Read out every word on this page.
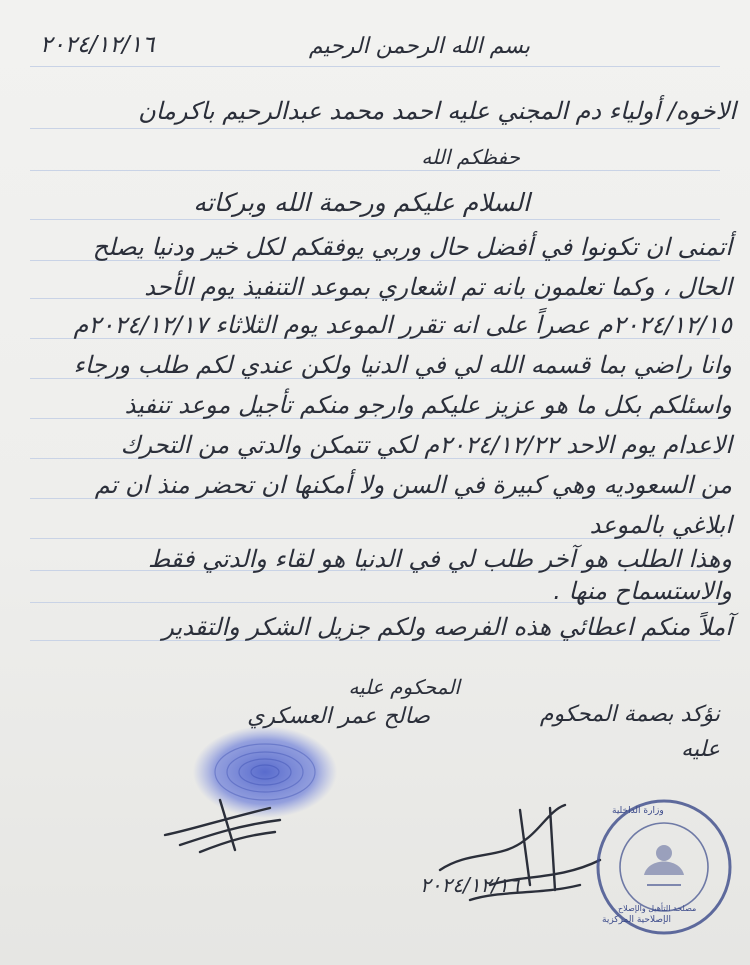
٢٠٢٤/١٢/١٦	بسم الله الرحمن الرحيم
الاخوه/ أولياء دم المجني عليه احمد محمد عبدالرحيم باكرمان
حفظكم الله
السلام عليكم ورحمة الله وبركاته
أتمنى ان تكونوا في أفضل حال وربي يوفقكم لكل خير ودنيا يصلح
الحال ، وكما تعلمون بانه تم اشعاري بموعد التنفيذ يوم الأحد
٢٠٢٤/١٢/١٥م عصراً على انه تقرر الموعد يوم الثلاثاء ٢٠٢٤/١٢/١٧م
وانا راضي بما قسمه الله لي في الدنيا ولكن عندي لكم طلب ورجاء
واسئلكم بكل ما هو عزيز عليكم وارجو منكم تأجيل موعد تنفيذ
الاعدام يوم الاحد ٢٠٢٤/١٢/٢٢م لكي تتمكن والدتي من التحرك
من السعوديه وهي كبيرة في السن ولا أمكنها ان تحضر منذ ان تم
ابلاغي بالموعد
وهذا الطلب هو آخر طلب لي في الدنيا هو لقاء والدتي فقط
والاستسماح منها .
آملاً منكم اعطائي هذه الفرصه ولكم جزيل الشكر والتقدير
المحكوم عليه
صالح عمر العسكري	نؤكد بصمة المحكوم
عليه
٢٠٢٤/١٢/١٦
وزارة الداخلية
الإصلاحية المركزية
مصلحة التأهيل والإصلاح
